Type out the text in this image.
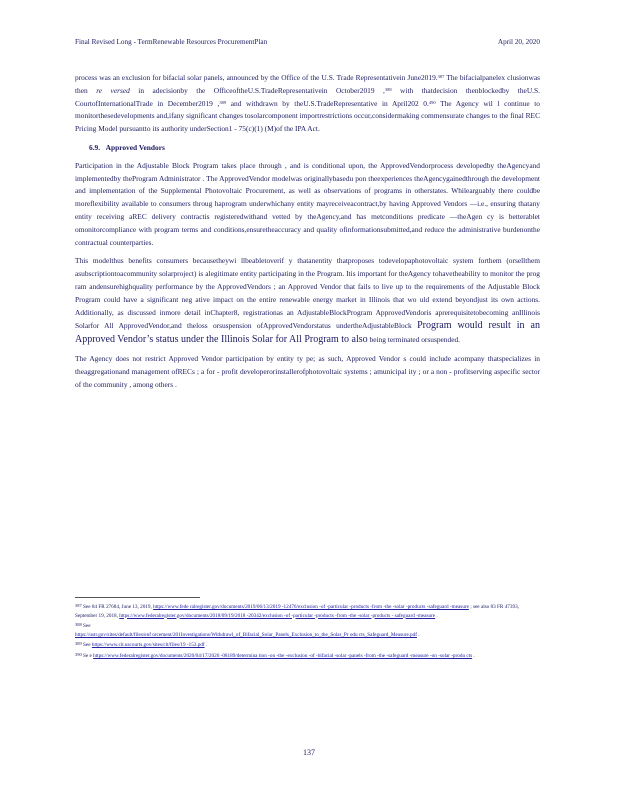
Final Revised Long - TermRenewable Resources ProcurementPlan	April 20, 2020

process was an exclusion for bifacial solar panels, announced by the Office of the U.S. Trade Representativein June2019.$^{387}$ The bifacialpanelex clusionwas then re versed in adecisionby the OfficeoftheU.S.TradeRepresentativein October2019 ,$^{388}$ with thatdecision thenblockedby theU.S. CourtofInternationalTrade in December2019 ,$^{389}$ and withdrawn by theU.S.TradeRepresentative in April202 0.$^{490}$ The Agency wil l continue to monitorthesedevelopments and,ifany significant changes tosolarcomponent importrestrictions occur,considermaking commensurate changes to the final REC Pricing Model pursuantto its authority underSection1 - 75(c)(1) (M)of the IPA Act.

6.9. Approved Vendors

Participation in the Adjustable Block Program takes place through , and is conditional upon, the ApprovedVendorprocess developedby theAgencyand implementedby theProgram Administrator . The ApprovedVendor modelwas originallybasedu pon theexperiences theAgencygainedthrough the development and implementation of the Supplemental Photovoltaic Procurement, as well as observations of programs in otherstates. Whilearguably there couldbe moreflexibility available to consumers throug haprogram underwhichany entity mayreceiveacontract,by having Approved Vendors —i.e., ensuring thatany entity receiving aREC delivery contractis registeredwithand vetted by theAgency,and has metconditions predicate —theAgen cy is betterablet omonitorcompliance with program terms and conditions,ensuretheaccuracy and quality ofinformationsubmitted,and reduce the administrative burdenonthe contractual counterparties.

This modelthus benefits consumers becausetheywi llbeabletoverif y thatanentity thatproposes todevelopaphotovoltaic system forthem (orsellthem asubscriptiontoacommunity solarproject) is alegitimate entity participating in the Program. Itis important for theAgency tohavetheability to monitor the prog ram andensurehighquality performance by the ApprovedVendors ; an Approved Vendor that fails to live up to the requirements of the Adjustable Block Program could have a significant neg ative impact on the entire renewable energy market in Illinois that wo uld extend beyondjust its own actions. Additionally, as discussed inmore detail inChapter8, registrationas an AdjustableBlockProgram ApprovedVendoris aprerequisitetobecoming anIllinois Solarfor All ApprovedVendor,and theloss orsuspension ofApprovedVendorstatus undertheAdjustableBlock Program would result in an Approved Vendor’s status under the Illinois Solar for All Program to also being terminated orsuspended.

The Agency does not restrict Approved Vendor participation by entity ty pe; as such, Approved Vendor s could include acompany thatspecializes in theaggregationand management ofRECs ; a for - profit developerorinstallerofphotovoltaic systems ; amunicipal ity ; or a non - profitserving aspecific sector of the community , among others .

$^{387}$ See 84 FR 27684, June 13, 2019, https://www.fede ralregister.gov/documents/2019/06/13/2019 -12476/exclusion -of -particular -products -from -the -solar -products -safeguard -measure ; see also 83 FR 47393, September 19, 2018, https://www.federalregister.gov/documents/2018/09/19/2018 -20342/exclusion -of -particular -products -from -the -solar -products - safeguard -measure .
$^{388}$ See
https://ustr.gov/sites/default/files/enf orcement/201Investigations/Withdrawl_of_Bifacial_Solar_Panels_Exclusion_to_the_Solar_Pr odu cts_Safeguard_Measure.pdf .
$^{389}$ See https://www.cit.uscourts.gov/sites/cit/files/19 -153.pdf .
$^{390}$ Se e https://www.federalregister.gov/documents/2020/04/17/2020 -08189/determina tion -on -the -exclusion -of -bifacial -solar -panels -from -the -safeguard -measure -on -solar -produ cts .
137
